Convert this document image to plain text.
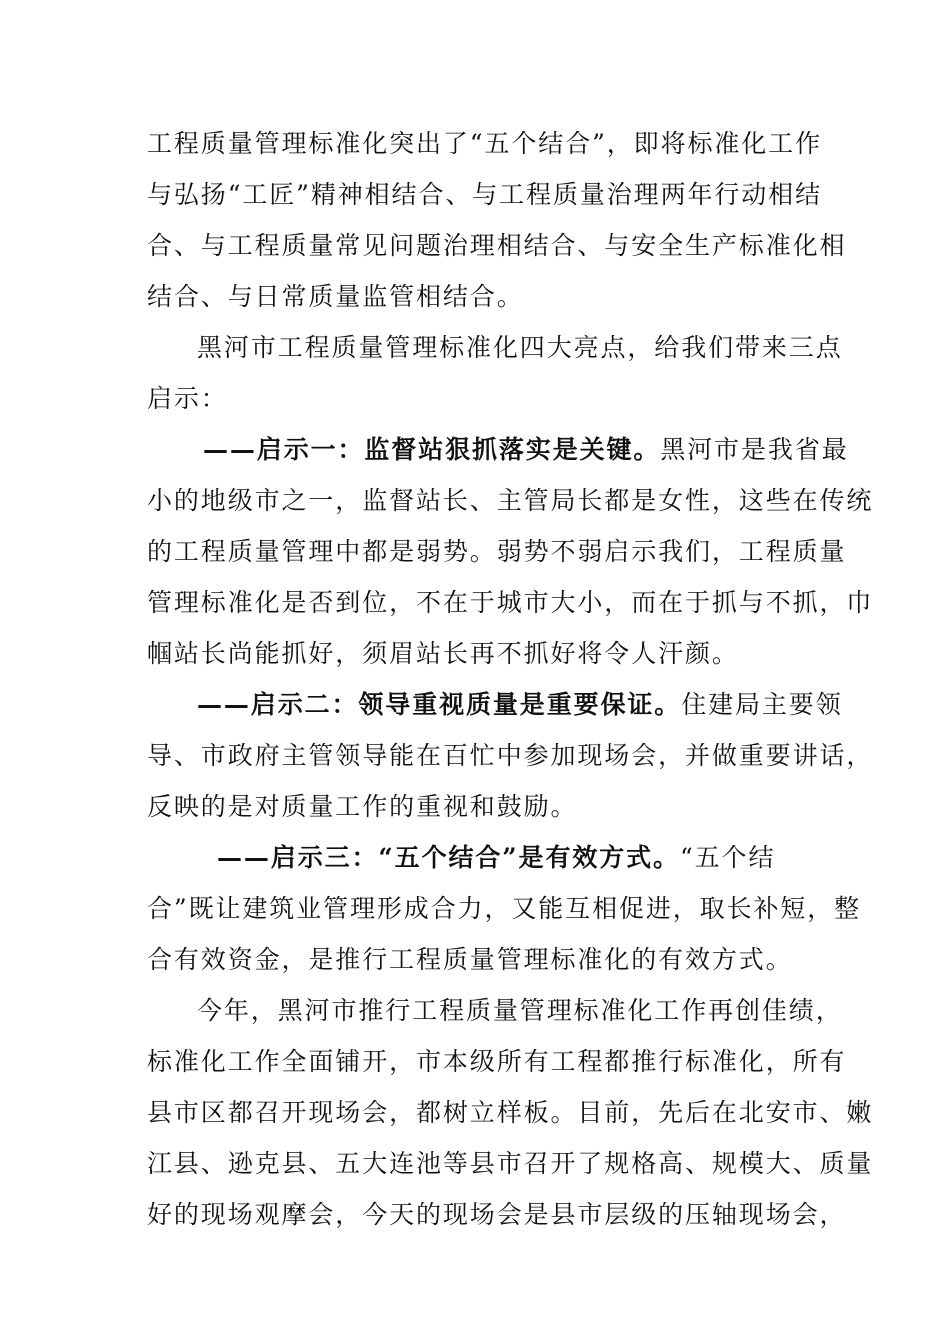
工程质量管理标准化突出了“五个结合”，即将标准化工作
与弘扬“工匠”精神相结合、与工程质量治理两年行动相结
合、与工程质量常见问题治理相结合、与安全生产标准化相
结合、与日常质量监管相结合。
黑河市工程质量管理标准化四大亮点，给我们带来三点
启示：
——启示一：监督站狠抓落实是关键。黑河市是我省最
小的地级市之一，监督站长、主管局长都是女性，这些在传统
的工程质量管理中都是弱势。弱势不弱启示我们，工程质量
管理标准化是否到位，不在于城市大小，而在于抓与不抓，巾
帼站长尚能抓好，须眉站长再不抓好将令人汗颜。
——启示二：领导重视质量是重要保证。住建局主要领
导、市政府主管领导能在百忙中参加现场会，并做重要讲话，
反映的是对质量工作的重视和鼓励。
——启示三：“五个结合”是有效方式。“五个结
合”既让建筑业管理形成合力，又能互相促进，取长补短，整
合有效资金，是推行工程质量管理标准化的有效方式。
今年，黑河市推行工程质量管理标准化工作再创佳绩，
标准化工作全面铺开，市本级所有工程都推行标准化，所有
县市区都召开现场会，都树立样板。目前，先后在北安市、嫩
江县、逊克县、五大连池等县市召开了规格高、规模大、质量
好的现场观摩会，今天的现场会是县市层级的压轴现场会，
